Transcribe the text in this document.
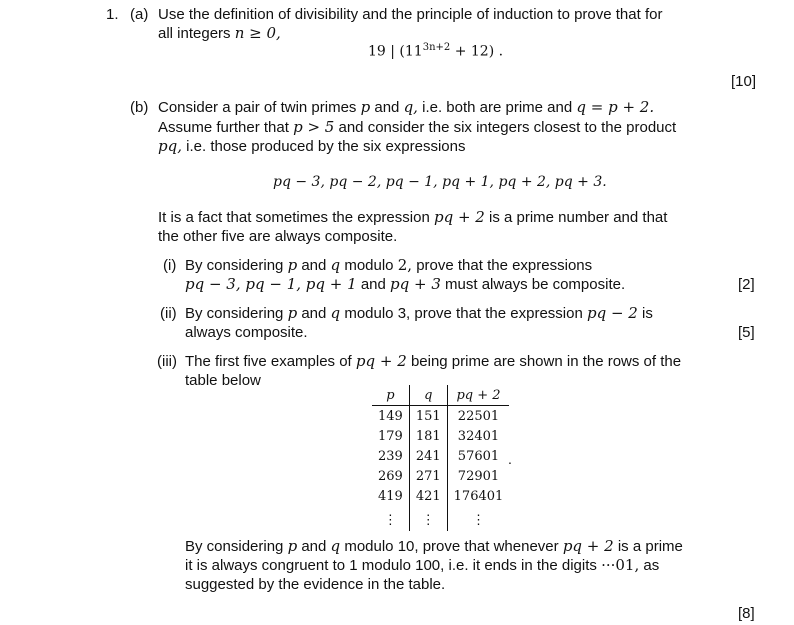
1. (a) Use the definition of divisibility and the principle of induction to prove that for
all integers n ≥ 0,
19 | $(11^{3n+2} + 12)$ .
[10]
(b) Consider a pair of twin primes p and q, i.e. both are prime and q = p + 2.
Assume further that p > 5 and consider the six integers closest to the product
pq, i.e. those produced by the six expressions
pq − 3, pq − 2, pq − 1, pq + 1, pq + 2, pq + 3.
It is a fact that sometimes the expression pq + 2 is a prime number and that
the other five are always composite.
(i) By considering p and q modulo 2, prove that the expressions
pq − 3, pq − 1, pq + 1 and pq + 3 must always be composite.	[2]
(ii) By considering p and q modulo 3, prove that the expression pq − 2 is
always composite.	[5]
(iii) The first five examples of pq + 2 being prime are shown in the rows of the
table below
p	q	pq + 2
149	151	22501
179	181	32401
239	241	57601
269	271	72901
419	421	176401
⋮	⋮	⋮
.
By considering p and q modulo 10, prove that whenever pq + 2 is a prime
it is always congruent to 1 modulo 100, i.e. it ends in the digits ···01, as
suggested by the evidence in the table.
[8]
